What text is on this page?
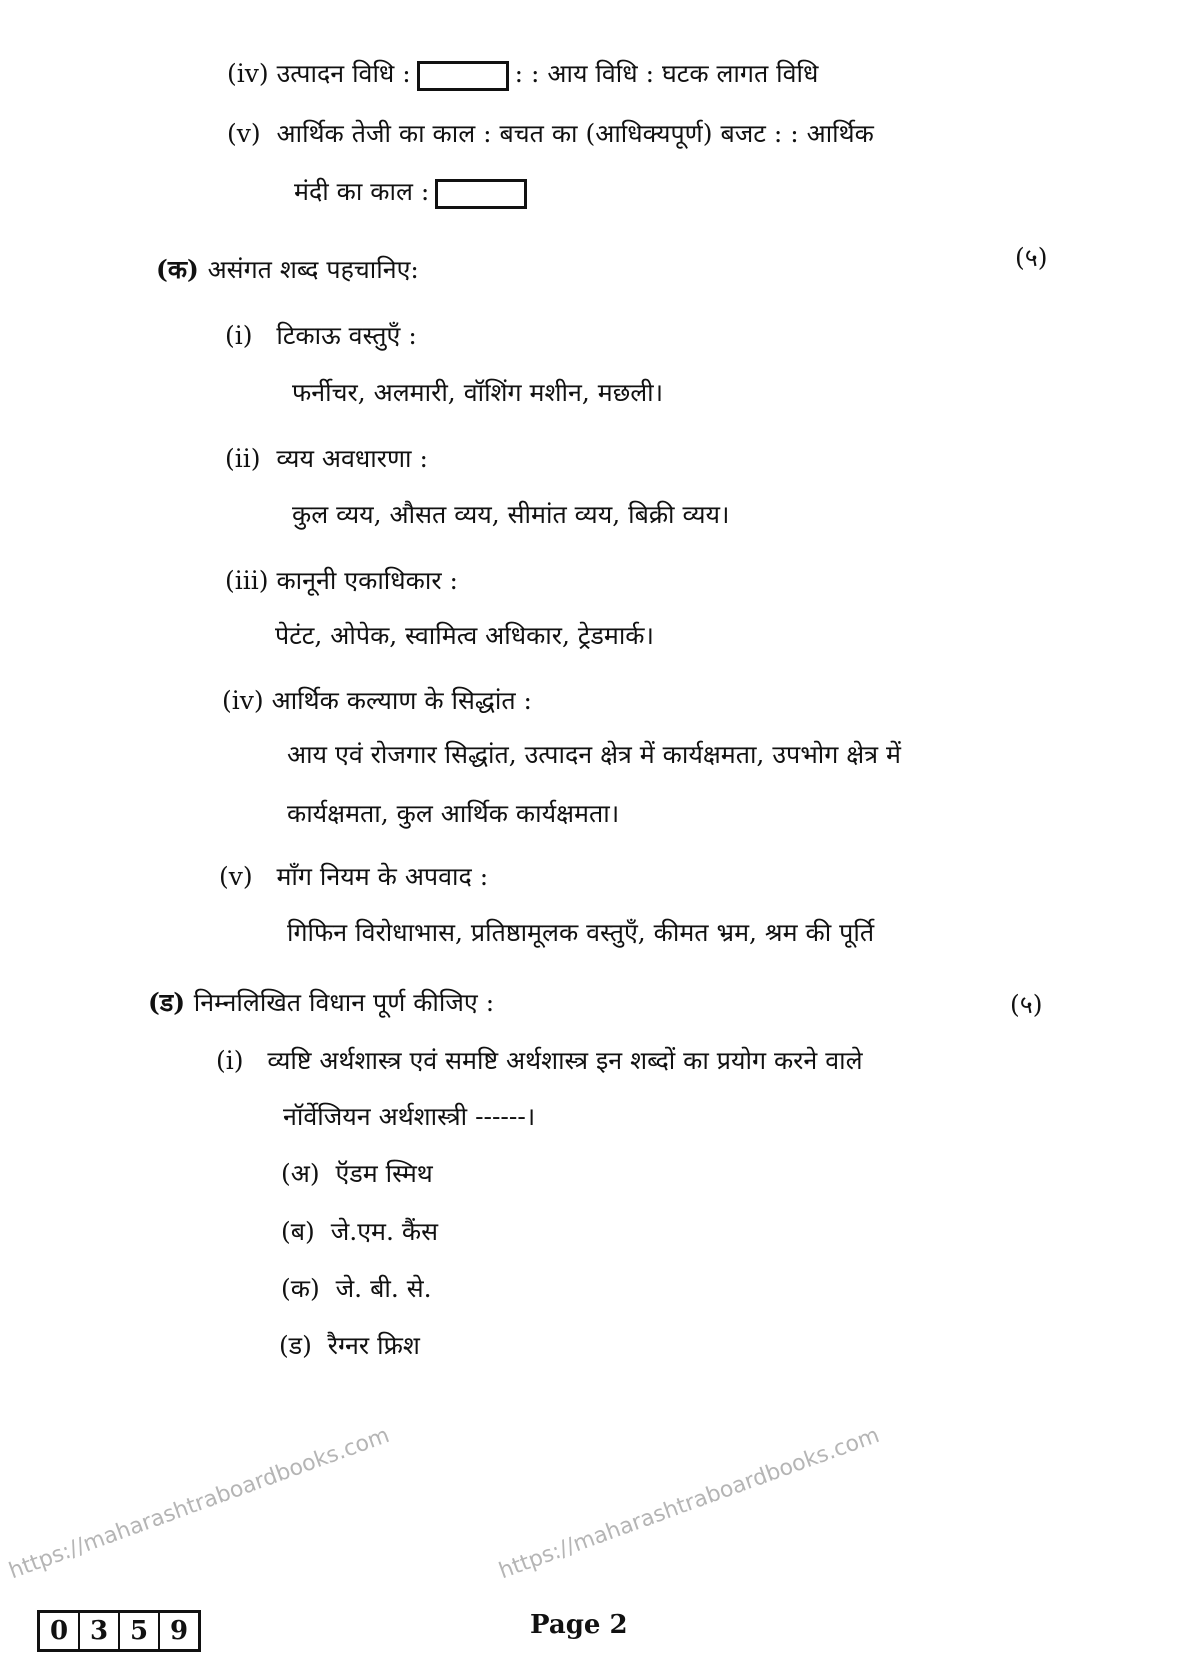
https://maharashtraboardbooks.com	https://maharashtraboardbooks.com
(iv) उत्पादन विधि :	: : आय विधि : घटक लागत विधि
(v) आर्थिक तेजी का काल : बचत का (आधिक्यपूर्ण) बजट : : आर्थिक
मंदी का काल :
(क) असंगत शब्द पहचानिए:	(५)
(i) टिकाऊ वस्तुएँ :
फर्नीचर, अलमारी, वॉशिंग मशीन, मछली।
(ii) व्यय अवधारणा :
कुल व्यय, औसत व्यय, सीमांत व्यय, बिक्री व्यय।
(iii) कानूनी एकाधिकार :
पेटंट, ओपेक, स्वामित्व अधिकार, ट्रेडमार्क।
(iv) आर्थिक कल्याण के सिद्धांत :
आय एवं रोजगार सिद्धांत, उत्पादन क्षेत्र में कार्यक्षमता, उपभोग क्षेत्र में
कार्यक्षमता, कुल आर्थिक कार्यक्षमता।
(v) माँग नियम के अपवाद :
गिफिन विरोधाभास, प्रतिष्ठामूलक वस्तुएँ, कीमत भ्रम, श्रम की पूर्ति
(ड) निम्नलिखित विधान पूर्ण कीजिए :	(५)
(i) व्यष्टि अर्थशास्त्र एवं समष्टि अर्थशास्त्र इन शब्दों का प्रयोग करने वाले
नॉर्वेजियन अर्थशास्त्री ------।
(अ) ऍडम स्मिथ
(ब) जे.एम. कैंस
(क) जे. बी. से.
(ड) रैग्नर फ्रिश
0 3 5 9	Page 2
